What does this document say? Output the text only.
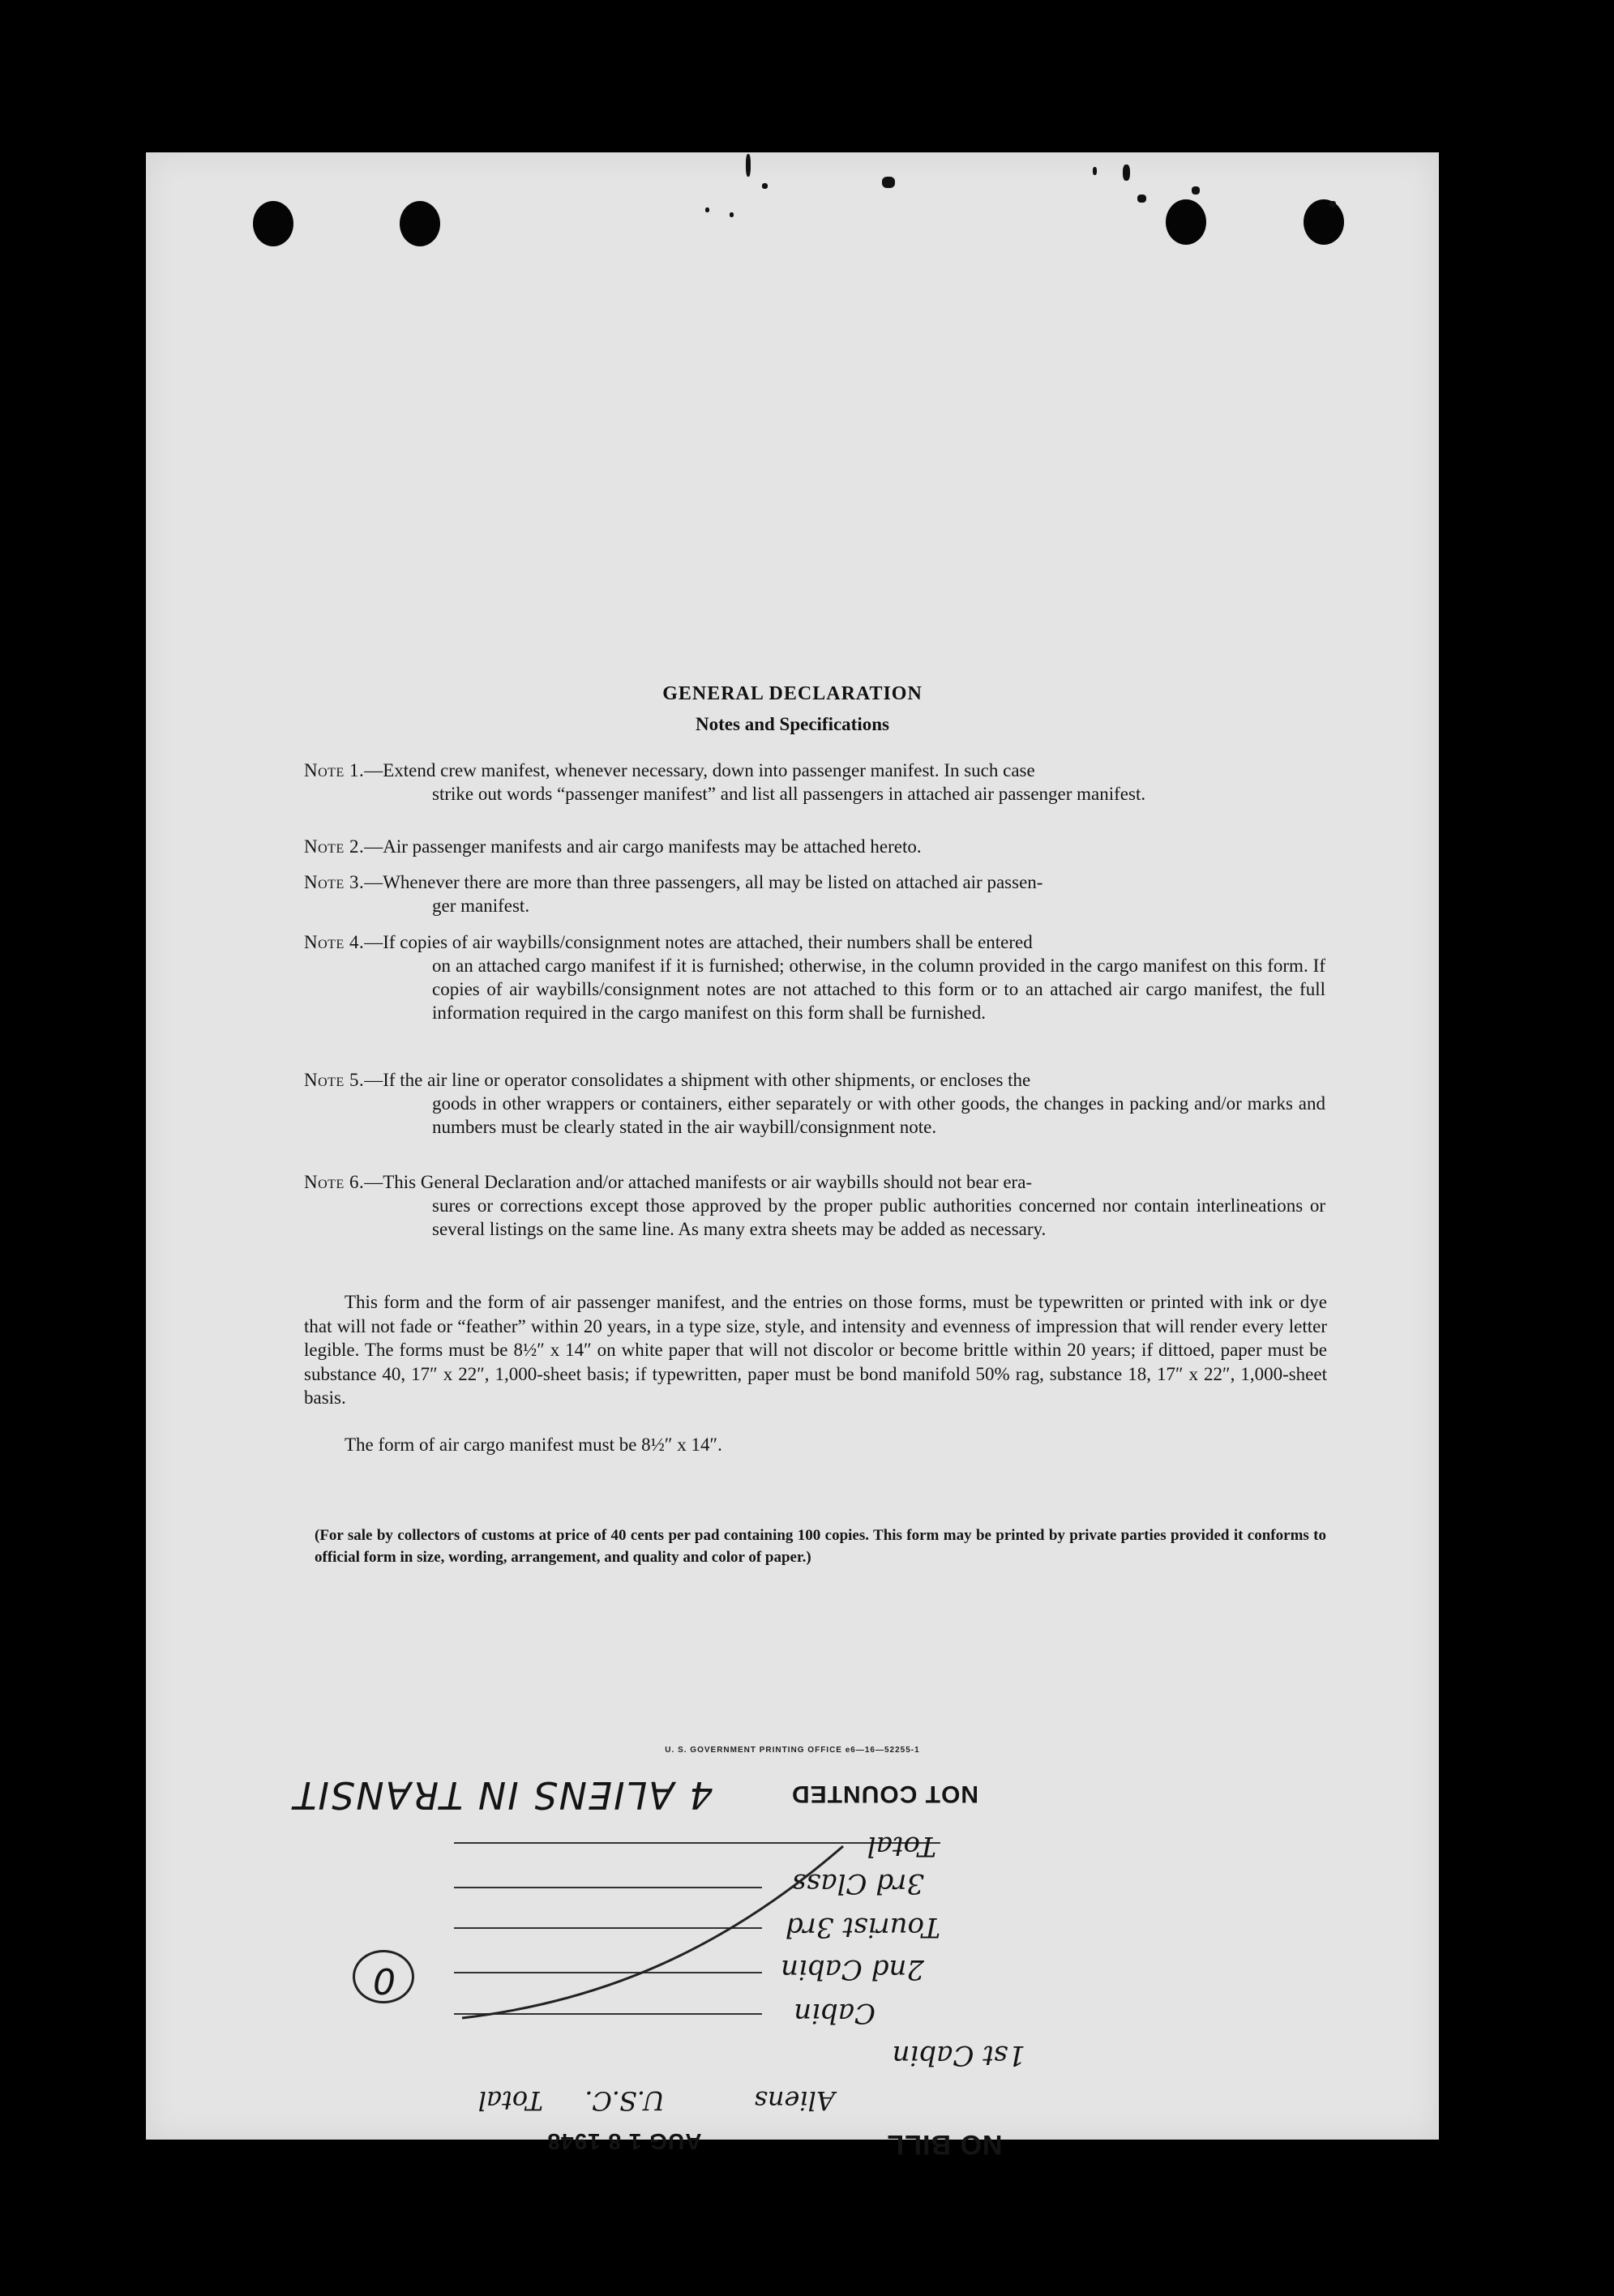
GENERAL DECLARATION
Notes and Specifications
Note 1.—Extend crew manifest, whenever necessary, down into passenger manifest. In such case
strike out words “passenger manifest” and list all passengers in attached air passenger manifest.
Note 2.—Air passenger manifests and air cargo manifests may be attached hereto.
Note 3.—Whenever there are more than three passengers, all may be listed on attached air passen-
ger manifest.
Note 4.—If copies of air waybills/consignment notes are attached, their numbers shall be entered
on an attached cargo manifest if it is furnished; otherwise, in the column provided in the cargo manifest on this form. If copies of air waybills/consignment notes are not attached to this form or to an attached air cargo manifest, the full information required in the cargo manifest on this form shall be furnished.
Note 5.—If the air line or operator consolidates a shipment with other shipments, or encloses the
goods in other wrappers or containers, either separately or with other goods, the changes in packing and/or marks and numbers must be clearly stated in the air waybill/consignment note.
Note 6.—This General Declaration and/or attached manifests or air waybills should not bear era-
sures or corrections except those approved by the proper public authorities concerned nor contain interlineations or several listings on the same line. As many extra sheets may be added as necessary.
This form and the form of air passenger manifest, and the entries on those forms, must be typewritten or printed with ink or dye that will not fade or “feather” within 20 years, in a type size, style, and intensity and evenness of impression that will render every letter legible. The forms must be 8½″ x 14″ on white paper that will not discolor or become brittle within 20 years; if dittoed, paper must be substance 40, 17″ x 22″, 1,000-sheet basis; if typewritten, paper must be bond manifold 50% rag, substance 18, 17″ x 22″, 1,000-sheet basis.
The form of air cargo manifest must be 8½″ x 14″.
(For sale by collectors of customs at price of 40 cents per pad containing 100 copies. This form may be printed by private parties provided it conforms to official form in size, wording, arrangement, and quality and color of paper.)
U. S. GOVERNMENT PRINTING OFFICE e6—16—52255-1
4 ALIENS IN TRANSIT	NOT COUNTED
Total
3rd Class
Tourist 3rd
2nd Cabin
Cabin
1st Cabin
Total	U.S.C.	Aliens
0
AUG 1 8 1948	NO BILL
